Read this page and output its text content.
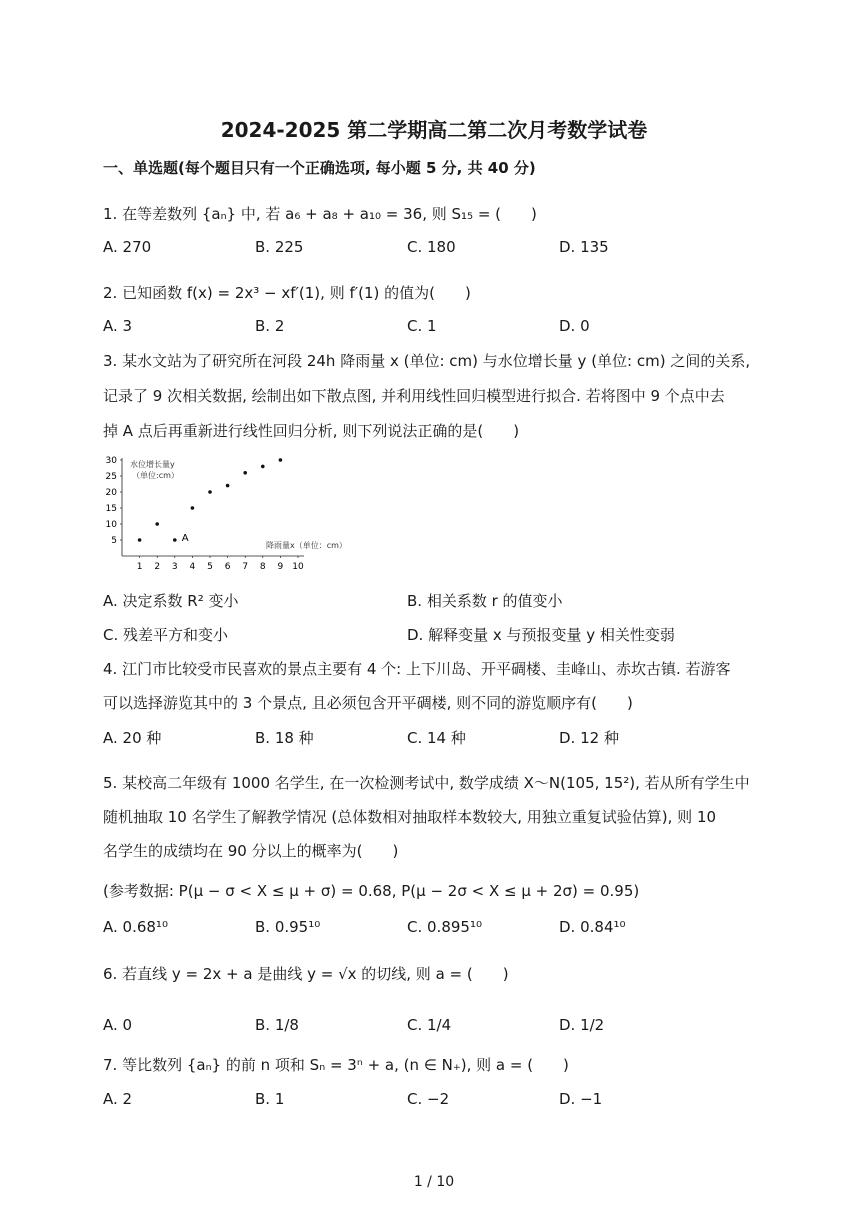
2024-2025 第二学期高二第二次月考数学试卷
一、单选题(每个题目只有一个正确选项, 每小题 5 分, 共 40 分)
1. 在等差数列 {aₙ} 中, 若 a₆ + a₈ + a₁₀ = 36, 则 S₁₅ = (　　)
A. 270	B. 225	C. 180	D. 135
2. 已知函数 f(x) = 2x³ − xf′(1), 则 f′(1) 的值为(　　)
A. 3	B. 2	C. 1	D. 0
3. 某水文站为了研究所在河段 24h 降雨量 x (单位: cm) 与水位增长量 y (单位: cm) 之间的关系,
记录了 9 次相关数据, 绘制出如下散点图, 并利用线性回归模型进行拟合. 若将图中 9 个点中去
掉 A 点后再重新进行线性回归分析, 则下列说法正确的是(　　)
5
10
15
20
25
30
1 2 3 4 5 6 7 8 9 10
A
水位增长量y
（单位:cm）
降雨量x（单位：cm）
A. 决定系数 R² 变小	B. 相关系数 r 的值变小
C. 残差平方和变小	D. 解释变量 x 与预报变量 y 相关性变弱
4. 江门市比较受市民喜欢的景点主要有 4 个: 上下川岛、开平碉楼、圭峰山、赤坎古镇. 若游客
可以选择游览其中的 3 个景点, 且必须包含开平碉楼, 则不同的游览顺序有(　　)
A. 20 种	B. 18 种	C. 14 种	D. 12 种
5. 某校高二年级有 1000 名学生, 在一次检测考试中, 数学成绩 X～N(105, 15²), 若从所有学生中
随机抽取 10 名学生了解教学情况 (总体数相对抽取样本数较大, 用独立重复试验估算), 则 10
名学生的成绩均在 90 分以上的概率为(　　)
(参考数据: P(μ − σ < X ≤ μ + σ) = 0.68, P(μ − 2σ < X ≤ μ + 2σ) = 0.95)
A. 0.68¹⁰	B. 0.95¹⁰	C. 0.895¹⁰	D. 0.84¹⁰
6. 若直线 y = 2x + a 是曲线 y = √x 的切线, 则 a = (　　)
A. 0	B. 1/8	C. 1/4	D. 1/2
7. 等比数列 {aₙ} 的前 n 项和 Sₙ = 3ⁿ + a, (n ∈ N₊), 则 a = (　　)
A. 2	B. 1	C. −2	D. −1
1 / 10
